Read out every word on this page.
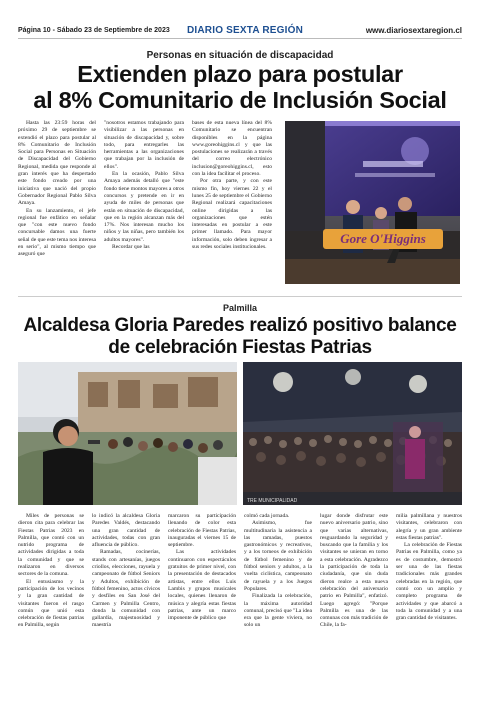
Página 10 - Sábado 23 de Septiembre de 2023	DIARIO SEXTA REGIÓN	www.diariosextaregion.cl
Personas en situación de discapacidad
Extienden plazo para postular
al 8% Comunitario de Inclusión Social

Hasta las 23:59 horas del próximo 29 de septiembre se extendió el plazo para postular al 8% Comunitario de Inclusión Social para Personas en Situación de Discapacidad del Gobierno Regional, medida que responde al gran interés que ha despertado este fondo creado por una iniciativa que nació del propio Gobernador Regional Pablo Silva Amaya.

En su lanzamiento, el jefe regional fue enfático en señalar que "con este nuevo fondo concursable damos una fuerte señal de que este tema nos interesa en serio", al mismo tiempo que aseguró que

"nosotros estamos trabajando para visibilizar a las personas en situación de discapacidad y, sobre todo, para entregarles las herramientas a las organizaciones que trabajan por la inclusión de ellos".

En la ocasión, Pablo Silva Amaya además detalló que "este fondo tiene montos mayores a otros concursos y pretende en ir en ayuda de miles de personas que están en situación de discapacidad, que en la región alcanzan más del 17%. Nos interesan mucho los niños y las niñas, pero también los adultos mayores".

Recordar que las

bases de esta nueva línea del 8% Comunitario se encuentran disponibles en la página www.goreohiggins.cl y que las postulaciones se realizarán a través del correo electrónico inclusion@goreohiggins.cl, esto con la idea facilitar el proceso.

Por otra parte, y con este mismo fin, hoy viernes 22 y el lunes 25 de septiembre el Gobierno Regional realizará capacitaciones online dirigidas a las organizaciones que estén interesadas en postular a este primer llamado. Para mayor información, solo deben ingresar a sus redes sociales institucionales.

Gore O'Higgins
Palmilla
Alcaldesa Gloria Paredes realizó positivo balance
de celebración Fiestas Patrias
TRE MUNICIPALIDAD

Miles de personas se dieron cita para celebrar las Fiestas Patrias 2023 en Palmilla, que contó con un nutrido programa de actividades dirigidas a toda la comunidad y que se realizaron en diversos sectores de la comuna.

El entusiasmo y la participación de los vecinos y la gran cantidad de visitantes fueron el rasgo común que unió esta celebración de fiestas patrias en Palmilla, según

lo indicó la alcaldesa Gloria Paredes Valdés, destacando una gran cantidad de actividades, todas con gran afluencia de público.

Ramadas, cocinerías, stands con artesanías, juegos criollos, elecciones, rayuela y campeonato de fútbol Seniors y Adultos, exhibición de fútbol femenino, actos cívicos y desfiles en San José del Carmen y Palmilla Centro, donda la comunidad con gallardía, majestuosidad y maestría

marcaron su participación llenando de color esta celebración de Fiestas Patrias, inauguradas el viernes 15 de septiembre.

Las actividades continuaron con espectáculos gratuitos de primer nivel, con la presentación de destacados artistas, entre ellos Luis Lambis y grupos musicales locales, quienes llenaron de música y alegría estas fiestas patrias, ante un marco imponente de público que

colmó cada jornada.

Asimismo, fue multitudinaria la asistencia a las ramadas, puestos gastronómicos y recreativos, y a los torneos de exhibición de fútbol femenino y de fútbol seniors y adultos, a la vuelta ciclística, campeonato de rayuela y a los Juegos Populares.

Finalizada la celebración, la máxima autoridad comunal, precisó que "La idea era que la gente viviera, no solo un

lugar donde disfrutar este nuevo aniversario patrio, sino que varias alternativas, resguardando la seguridad y buscando que la familia y los visitantes se unieran en torno a esta celebración. Agradezco la participación de toda la ciudadanía, que sin duda dieron realce a esta nueva celebración del aniversario patrio en Palmilla", enfatizó. Luego agregó: "Porque Palmilla es una de las comunas con más tradición de Chile, la fa-

milia palmillana y nuestros visitantes, celebraron con alegría y un gran ambiente estas fiestas patrias".

La celebración de Fiestas Patrias en Palmilla, como ya es de costumbre, demostró ser una de las fiestas tradicionales más grandes celebradas en la región, que contó con un amplio y completo programa de actividades y que abarcó a toda la comunidad y a una gran cantidad de visitantes.
